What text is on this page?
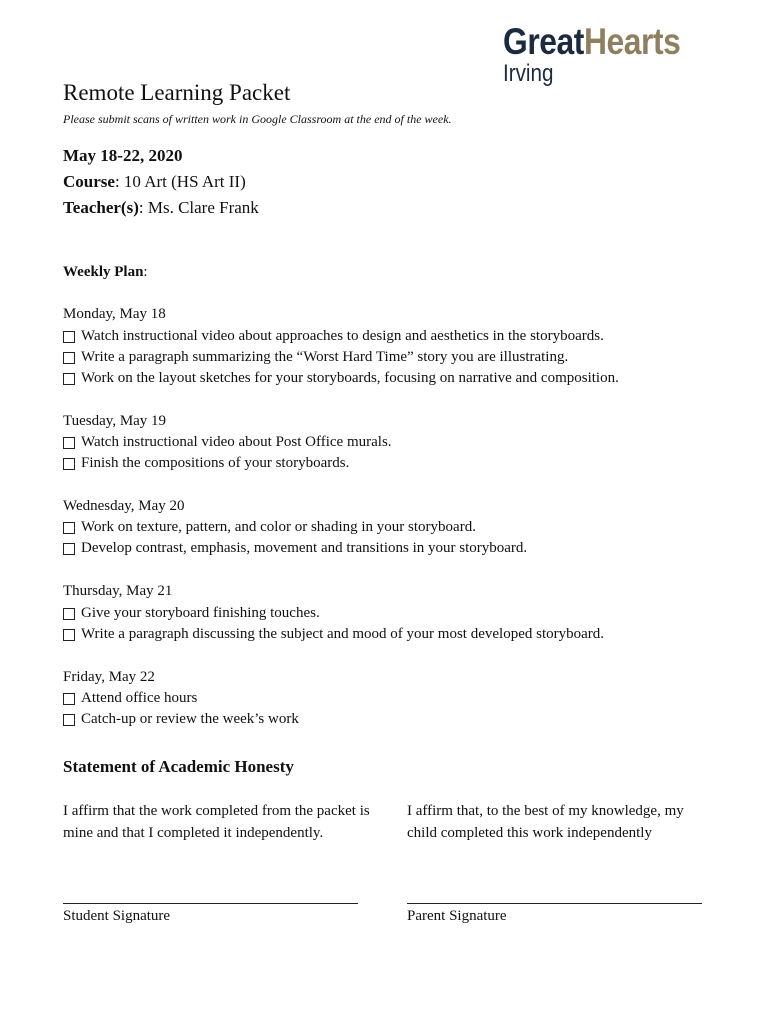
GreatHearts
Irving
Remote Learning Packet
Please submit scans of written work in Google Classroom at the end of the week.
May 18-22, 2020
Course: 10 Art (HS Art II)
Teacher(s): Ms. Clare Frank
Weekly Plan:
Monday, May 18
Watch instructional video about approaches to design and aesthetics in the storyboards.
Write a paragraph summarizing the “Worst Hard Time” story you are illustrating.
Work on the layout sketches for your storyboards, focusing on narrative and composition.
Tuesday, May 19
Watch instructional video about Post Office murals.
Finish the compositions of your storyboards.
Wednesday, May 20
Work on texture, pattern, and color or shading in your storyboard.
Develop contrast, emphasis, movement and transitions in your storyboard.
Thursday, May 21
Give your storyboard finishing touches.
Write a paragraph discussing the subject and mood of your most developed storyboard.
Friday, May 22
Attend office hours
Catch-up or review the week’s work
Statement of Academic Honesty
I affirm that the work completed from the packet is mine and that I completed it independently.
I affirm that, to the best of my knowledge, my child completed this work independently
Student Signature	Parent Signature
